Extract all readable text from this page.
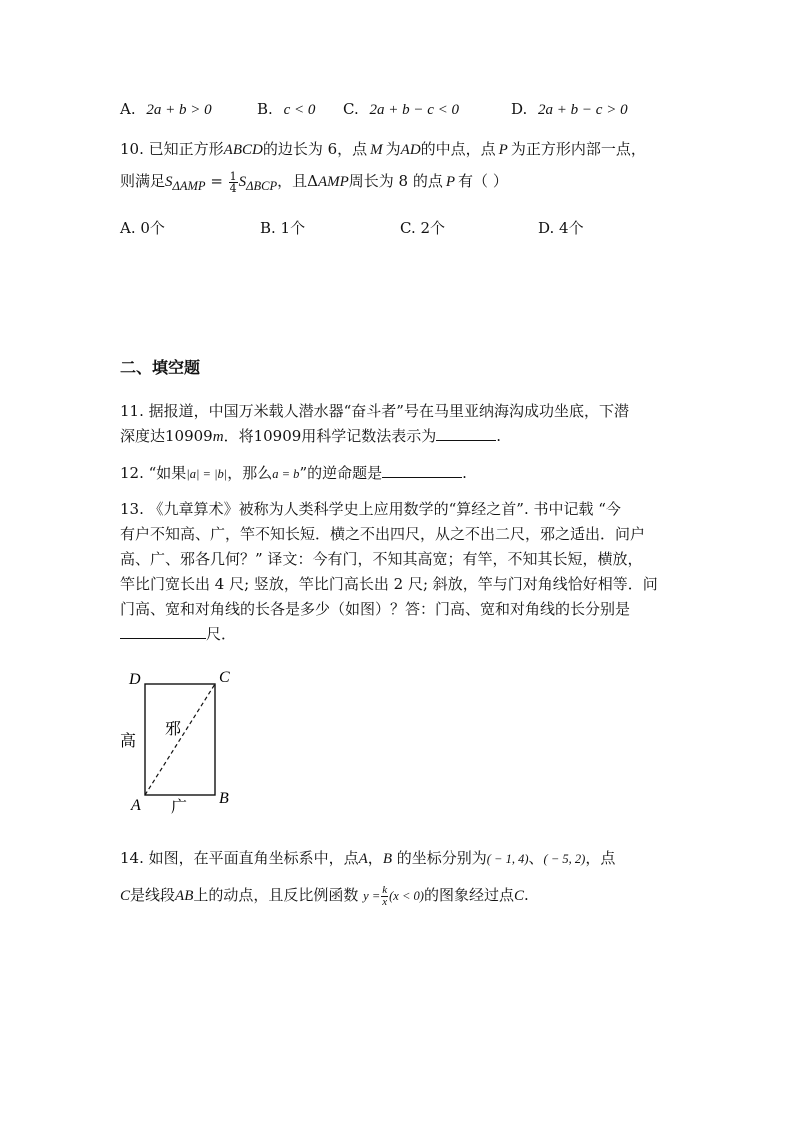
A. 2a + b > 0	B. c < 0 C. 2a + b − c < 0	D. 2a + b − c > 0
10. 已知正方形ABCD的边长为 6，点 M 为AD的中点，点 P 为正方形内部一点，
则满足$S_{\Delta AMP} = \frac{1}{4} S_{\Delta BCP}$，且ΔAMP周长为 8 的点 P 有（ ）
A. 0个	B. 1个	C. 2个	D. 4个
二、填空题
11. 据报道，中国万米载人潜水器“奋斗者”号在马里亚纳海沟成功坐底，下潜
深度达10909m．将10909用科学记数法表示为	.
12. “如果|a| = |b|，那么a = b”的逆命题是	.
13. 《九章算术》被称为人类科学史上应用数学的“算经之首”. 书中记载 “今
有户不知高、广，竿不知长短．横之不出四尺，从之不出二尺，邪之适出．问户
高、广、邪各几何？” 译文：今有门，不知其高宽；有竿，不知其长短，横放，
竿比门宽长出 4 尺; 竖放，竿比门高长出 2 尺; 斜放，竿与门对角线恰好相等．问
门高、宽和对角线的长各是多少（如图）？答：门高、宽和对角线的长分别是
尺．
D	C
A	B
高
邪
广
14. 如图，在平面直角坐标系中，点A，B 的坐标分别为( − 1, 4)、( − 5, 2)，点
C是线段AB上的动点，且反比例函数 $y = \frac{k}{x} (x < 0)$的图象经过点C.
